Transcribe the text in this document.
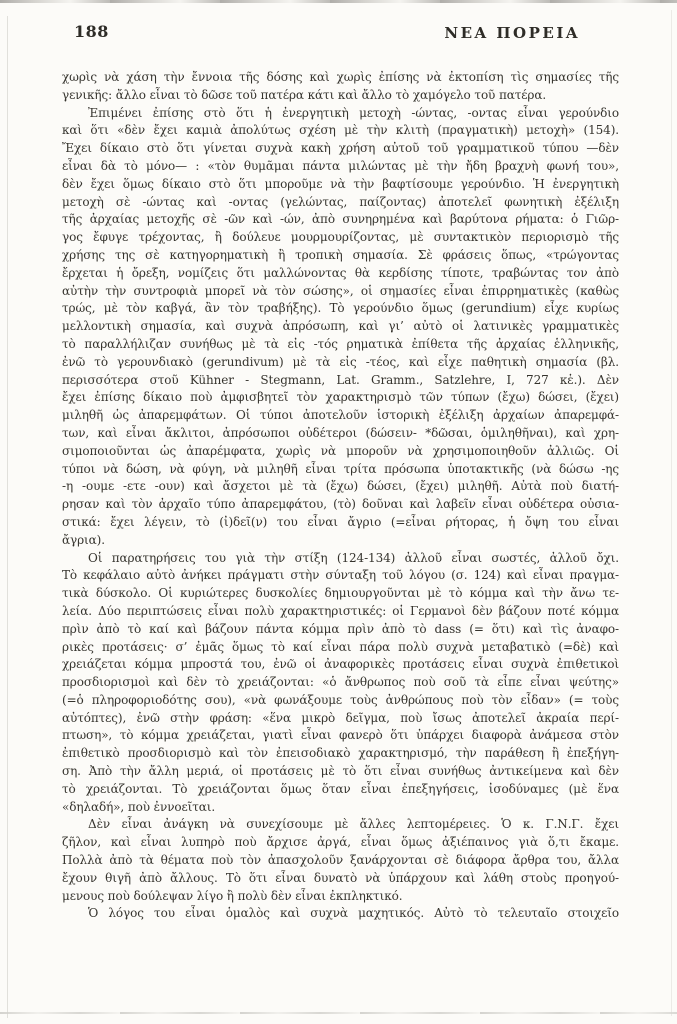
188	ΝΕΑ ΠΟΡΕΙΑ
χωρὶς νὰ χάση τὴν ἔννοια τῆς δόσης καὶ χωρὶς ἐπίσης νὰ ἐκτοπίση τὶς σημασίες τῆς
γενικῆς: ἄλλο εἶναι τὸ δῶσε τοῦ πατέρα κάτι καὶ ἄλλο τὸ χαμόγελο τοῦ πατέρα.
Ἐπιμένει ἐπίσης στὸ ὅτι ἡ ἐνεργητικὴ μετοχὴ -ώντας, -οντας εἶναι γερούνδιο
καὶ ὅτι «δὲν ἔχει καμιὰ ἀπολύτως σχέση μὲ τὴν κλιτὴ (πραγματικὴ) μετοχὴ» (154).
Ἔχει δίκαιο στὸ ὅτι γίνεται συχνὰ κακὴ χρήση αὐτοῦ τοῦ γραμματικοῦ τύπου —δὲν
εἶναι δὰ τὸ μόνο— : «τὸν θυμᾶμαι πάντα μιλώντας μὲ τὴν ἤδη βραχνὴ φωνή του»,
δὲν ἔχει ὅμως δίκαιο στὸ ὅτι μποροῦμε νὰ τὴν βαφτίσουμε γερούνδιο. Ἡ ἐνεργητικὴ
μετοχὴ σὲ -ώντας καὶ -οντας (γελώντας, παίζοντας) ἀποτελεῖ φωνητικὴ ἐξέλιξη
τῆς ἀρχαίας μετοχῆς σὲ -ῶν καὶ -ών, ἀπὸ συνηρημένα καὶ βαρύτονα ρήματα: ὁ Γιῶρ-
γος ἔφυγε τρέχοντας, ἢ δούλευε μουρμουρίζοντας, μὲ συντακτικὸν περιορισμὸ τῆς
χρήσης της σὲ κατηγορηματικὴ ἢ τροπικὴ σημασία. Σὲ φράσεις ὅπως, «τρώγοντας
ἔρχεται ἡ ὄρεξη, νομίζεις ὅτι μαλλώνοντας θὰ κερδίσης τίποτε, τραβώντας τον ἀπὸ
αὐτὴν τὴν συντροφιὰ μπορεῖ νὰ τὸν σώσης», οἱ σημασίες εἶναι ἐπιρρηματικὲς (καθὼς
τρώς, μὲ τὸν καβγά, ἂν τὸν τραβήξης). Τὸ γερούνδιο ὅμως (gerundium) εἶχε κυρίως
μελλοντικὴ σημασία, καὶ συχνὰ ἀπρόσωπη, καὶ γι’ αὐτὸ οἱ λατινικὲς γραμματικὲς
τὸ παραλλήλιζαν συνήθως μὲ τὰ εἰς -τός ρηματικὰ ἐπίθετα τῆς ἀρχαίας ἑλληνικῆς,
ἐνῶ τὸ γερουνδιακὸ (gerundivum) μὲ τὰ εἰς -τέος, καὶ εἶχε παθητικὴ σημασία (βλ.
περισσότερα στοῦ Kühner - Stegmann, Lat. Gramm., Satzlehre, I, 727 κἑ.). Δὲν
ἔχει ἐπίσης δίκαιο ποὺ ἀμφισβητεῖ τὸν χαρακτηρισμὸ τῶν τύπων (ἔχω) δώσει, (ἔχει)
μιληθῆ ὡς ἀπαρεμφάτων. Οἱ τύποι ἀποτελοῦν ἱστορικὴ ἐξέλιξη ἀρχαίων ἀπαρεμφά-
των, καὶ εἶναι ἄκλιτοι, ἀπρόσωποι οὐδέτεροι (δώσειν- *δῶσαι, ὁμιληθῆναι), καὶ χρη-
σιμοποιοῦνται ὡς ἀπαρέμφατα, χωρὶς νὰ μποροῦν νὰ χρησιμοποιηθοῦν ἀλλιῶς. Οἱ
τύποι νὰ δώση, νὰ φύγη, νὰ μιληθῆ εἶναι τρίτα πρόσωπα ὑποτακτικῆς (νὰ δώσω -ης
-η -ουμε -ετε -ουν) καὶ ἄσχετοι μὲ τὰ (ἔχω) δώσει, (ἔχει) μιληθῆ. Αὐτὰ ποὺ διατή-
ρησαν καὶ τὸν ἀρχαῖο τύπο ἀπαρεμφάτου, (τὸ) δοῦναι καὶ λαβεῖν εἶναι οὐδέτερα οὐσια-
στικά: ἔχει λέγειν, τὸ (ἰ)δεῖ(ν) του εἶναι ἄγριο (=εἶναι ρήτορας, ἡ ὄψη του εἶναι
ἄγρια).
Οἱ παρατηρήσεις του γιὰ τὴν στίξη (124-134) ἀλλοῦ εἶναι σωστές, ἀλλοῦ ὄχι.
Τὸ κεφάλαιο αὐτὸ ἀνήκει πράγματι στὴν σύνταξη τοῦ λόγου (σ. 124) καὶ εἶναι πραγμα-
τικὰ δύσκολο. Οἱ κυριώτερες δυσκολίες δημιουργοῦνται μὲ τὸ κόμμα καὶ τὴν ἄνω τε-
λεία. Δύο περιπτώσεις εἶναι πολὺ χαρακτηριστικές: οἱ Γερμανοὶ δὲν βάζουν ποτέ κόμμα
πρὶν ἀπὸ τὸ καί καὶ βάζουν πάντα κόμμα πρὶν ἀπὸ τὸ dass (= ὅτι) καὶ τὶς ἀναφο-
ρικὲς προτάσεις· σ’ ἐμᾶς ὅμως τὸ καί εἶναι πάρα πολὺ συχνὰ μεταβατικὸ (=δὲ) καὶ
χρειάζεται κόμμα μπροστά του, ἐνῶ οἱ ἀναφορικὲς προτάσεις εἶναι συχνὰ ἐπιθετικοὶ
προσδιορισμοὶ καὶ δὲν τὸ χρειάζονται: «ὁ ἄνθρωπος ποὺ σοῦ τὰ εἶπε εἶναι ψεύτης»
(=ὁ πληροφοριοδότης σου), «νὰ φωνάξουμε τοὺς ἀνθρώπους ποὺ τὸν εἶδαν» (= τοὺς
αὐτόπτες), ἐνῶ στὴν φράση: «ἕνα μικρὸ δεῖγμα, ποὺ ἴσως ἀποτελεῖ ἀκραία περί-
πτωση», τὸ κόμμα χρειάζεται, γιατὶ εἶναι φανερὸ ὅτι ὑπάρχει διαφορὰ ἀνάμεσα στὸν
ἐπιθετικὸ προσδιορισμὸ καὶ τὸν ἐπεισοδιακὸ χαρακτηρισμό, τὴν παράθεση ἢ ἐπεξήγη-
ση. Ἀπὸ τὴν ἄλλη μεριά, οἱ προτάσεις μὲ τὸ ὅτι εἶναι συνήθως ἀντικείμενα καὶ δὲν
τὸ χρειάζονται. Τὸ χρειάζονται ὅμως ὅταν εἶναι ἐπεξηγήσεις, ἰσοδύναμες (μὲ ἕνα
«δηλαδή», ποὺ ἐννοεῖται.
Δὲν εἶναι ἀνάγκη νὰ συνεχίσουμε μὲ ἄλλες λεπτομέρειες. Ὁ κ. Γ.Ν.Γ. ἔχει
ζῆλον, καὶ εἶναι λυπηρὸ ποὺ ἄρχισε ἀργά, εἶναι ὅμως ἀξιέπαινος γιὰ ὅ,τι ἔκαμε.
Πολλὰ ἀπὸ τὰ θέματα ποὺ τὸν ἀπασχολοῦν ξανάρχονται σὲ διάφορα ἄρθρα του, ἄλλα
ἔχουν θιγῆ ἀπὸ ἄλλους. Τὸ ὅτι εἶναι δυνατὸ νὰ ὑπάρχουν καὶ λάθη στοὺς προηγού-
μενους ποὺ δούλεψαν λίγο ἢ πολὺ δὲν εἶναι ἐκπληκτικό.
Ὁ λόγος του εἶναι ὁμαλὸς καὶ συχνὰ μαχητικός. Αὐτὸ τὸ τελευταῖο στοιχεῖο
